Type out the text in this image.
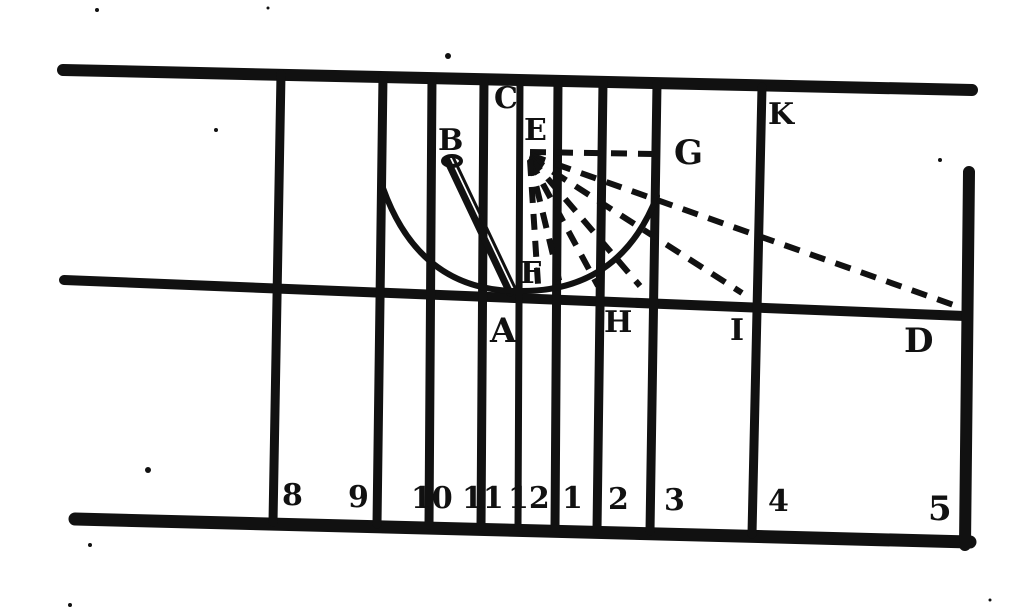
C
E
B	G
K
F
A	H	I	D
8 9 10 11 12 1 2 3	4	5
